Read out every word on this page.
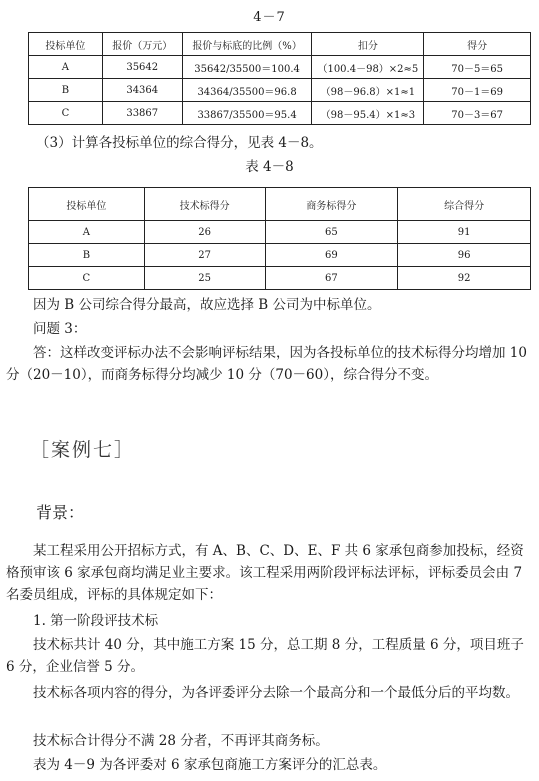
4－7
投标单位	报价（万元）	报价与标底的比例（%）	扣分	得分
A	35642	35642/35500＝100.4	（100.4－98）×2≈5	70－5＝65
B	34364	34364/35500＝96.8	（98－96.8）×1≈1	70－1＝69
C	33867	33867/35500＝95.4	（98－95.4）×1≈3	70－3＝67
（3）计算各投标单位的综合得分，见表 4－8。
表 4－8
投标单位	技术标得分	商务标得分	综合得分
A	26	65	91
B	27	69	96
C	25	67	92
因为 B 公司综合得分最高，故应选择 B 公司为中标单位。
问题 3：
答：这样改变评标办法不会影响评标结果，因为各投标单位的技术标得分均增加 10 分（20－10），而商务标得分均减少 10 分（70－60），综合得分不变。
［案例七］
背景：
某工程采用公开招标方式，有 A、B、C、D、E、F 共 6 家承包商参加投标，经资格预审该 6 家承包商均满足业主要求。该工程采用两阶段评标法评标，评标委员会由 7 名委员组成，评标的具体规定如下：
1. 第一阶段评技术标
技术标共计 40 分，其中施工方案 15 分，总工期 8 分，工程质量 6 分，项目班子 6 分，企业信誉 5 分。
技术标各项内容的得分，为各评委评分去除一个最高分和一个最低分后的平均数。
技术标合计得分不满 28 分者，不再评其商务标。
表为 4－9 为各评委对 6 家承包商施工方案评分的汇总表。
